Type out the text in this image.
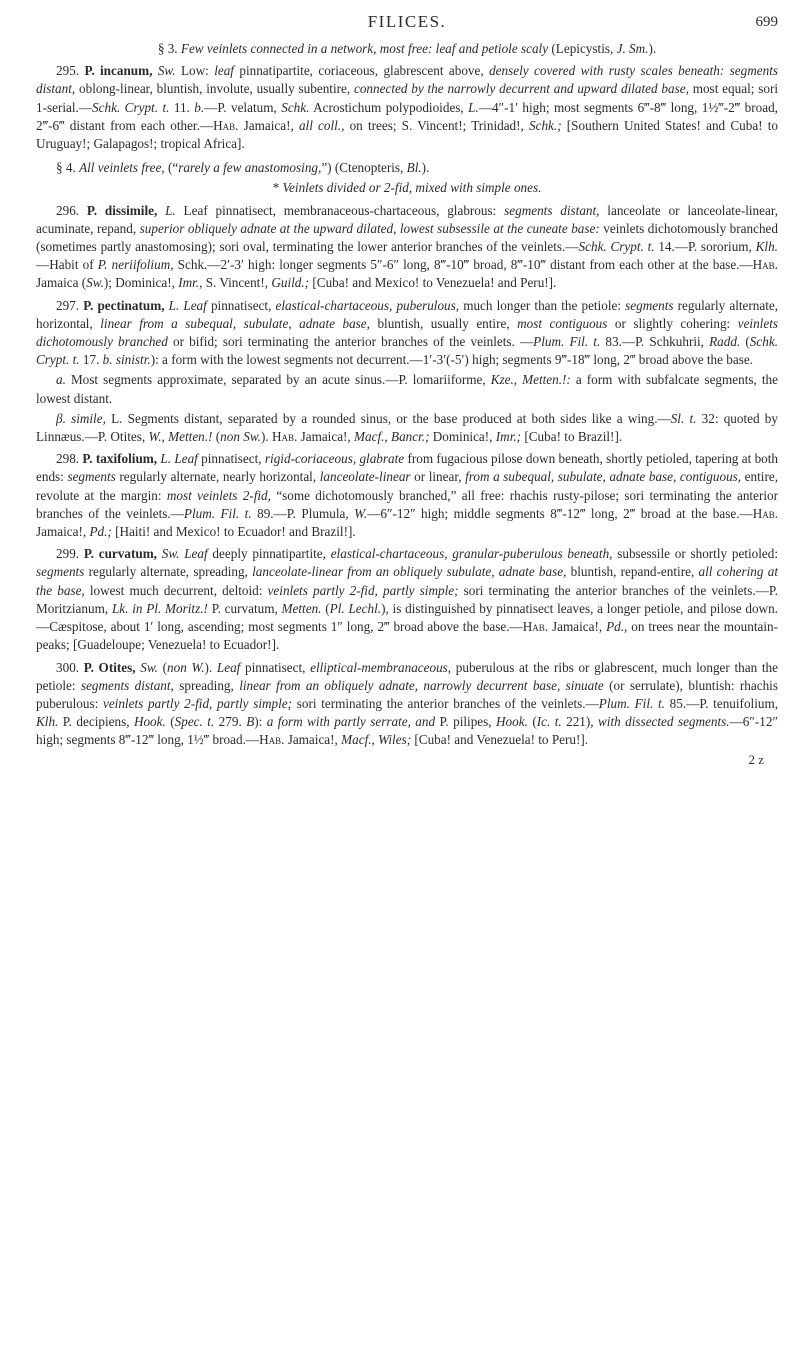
FILICES.	699

§ 3. Few veinlets connected in a network, most free: leaf and petiole scaly (Lepicystis, J. Sm.).

295. P. incanum, Sw. Low: leaf pinnatipartite, coriaceous, glabrescent above, densely covered with rusty scales beneath: segments distant, oblong-linear, bluntish, involute, usually subentire, connected by the narrowly decurrent and upward dilated base, most equal; sori 1-serial.—Schk. Crypt. t. 11. b.—P. velatum, Schk. Acrostichum polypodioides, L.—4″-1′ high; most segments 6‴-8‴ long, 1½‴-2‴ broad, 2‴-6‴ distant from each other.—Hab. Jamaica!, all coll., on trees; S. Vincent!; Trinidad!, Schk.; [Southern United States! and Cuba! to Uruguay!; Galapagos!; tropical Africa].

§ 4. All veinlets free, (“rarely a few anastomosing,”) (Ctenopteris, Bl.).

* Veinlets divided or 2-fid, mixed with simple ones.

296. P. dissimile, L. Leaf pinnatisect, membranaceous-chartaceous, glabrous: segments distant, lanceolate or lanceolate-linear, acuminate, repand, superior obliquely adnate at the upward dilated, lowest subsessile at the cuneate base: veinlets dichotomously branched (sometimes partly anastomosing); sori oval, terminating the lower anterior branches of the veinlets.—Schk. Crypt. t. 14.—P. sororium, Klh.—Habit of P. neriifolium, Schk.—2′-3′ high: longer segments 5″-6″ long, 8‴-10‴ broad, 8‴-10‴ distant from each other at the base.—Hab. Jamaica (Sw.); Dominica!, Imr., S. Vincent!, Guild.; [Cuba! and Mexico! to Venezuela! and Peru!].

297. P. pectinatum, L. Leaf pinnatisect, elastical-chartaceous, puberulous, much longer than the petiole: segments regularly alternate, horizontal, linear from a subequal, subulate, adnate base, bluntish, usually entire, most contiguous or slightly cohering: veinlets dichotomously branched or bifid; sori terminating the anterior branches of the veinlets. —Plum. Fil. t. 83.—P. Schkuhrii, Radd. (Schk. Crypt. t. 17. b. sinistr.): a form with the lowest segments not decurrent.—1′-3′(-5′) high; segments 9‴-18‴ long, 2‴ broad above the base.

a. Most segments approximate, separated by an acute sinus.—P. lomariiforme, Kze., Metten.!: a form with subfalcate segments, the lowest distant.

β. simile, L. Segments distant, separated by a rounded sinus, or the base produced at both sides like a wing.—Sl. t. 32: quoted by Linnæus.—P. Otites, W., Metten.! (non Sw.). Hab. Jamaica!, Macf., Bancr.; Dominica!, Imr.; [Cuba! to Brazil!].

298. P. taxifolium, L. Leaf pinnatisect, rigid-coriaceous, glabrate from fugacious pilose down beneath, shortly petioled, tapering at both ends: segments regularly alternate, nearly horizontal, lanceolate-linear or linear, from a subequal, subulate, adnate base, contiguous, entire, revolute at the margin: most veinlets 2-fid, “some dichotomously branched,” all free: rhachis rusty-pilose; sori terminating the anterior branches of the veinlets.—Plum. Fil. t. 89.—P. Plumula, W.—6″-12″ high; middle segments 8‴-12‴ long, 2‴ broad at the base.—Hab. Jamaica!, Pd.; [Haiti! and Mexico! to Ecuador! and Brazil!].

299. P. curvatum, Sw. Leaf deeply pinnatipartite, elastical-chartaceous, granular-puberulous beneath, subsessile or shortly petioled: segments regularly alternate, spreading, lanceolate-linear from an obliquely subulate, adnate base, bluntish, repand-entire, all cohering at the base, lowest much decurrent, deltoid: veinlets partly 2-fid, partly simple; sori terminating the anterior branches of the veinlets.—P. Moritzianum, Lk. in Pl. Moritz.! P. curvatum, Metten. (Pl. Lechl.), is distinguished by pinnatisect leaves, a longer petiole, and pilose down.—Cæspitose, about 1′ long, ascending; most segments 1″ long, 2‴ broad above the base.—Hab. Jamaica!, Pd., on trees near the mountain-peaks; [Guadeloupe; Venezuela! to Ecuador!].

300. P. Otites, Sw. (non W.). Leaf pinnatisect, elliptical-membranaceous, puberulous at the ribs or glabrescent, much longer than the petiole: segments distant, spreading, linear from an obliquely adnate, narrowly decurrent base, sinuate (or serrulate), bluntish: rhachis puberulous: veinlets partly 2-fid, partly simple; sori terminating the anterior branches of the veinlets.—Plum. Fil. t. 85.—P. tenuifolium, Klh. P. decipiens, Hook. (Spec. t. 279. B): a form with partly serrate, and P. pilipes, Hook. (Ic. t. 221), with dissected segments.—6″-12″ high; segments 8‴-12‴ long, 1½‴ broad.—Hab. Jamaica!, Macf., Wiles; [Cuba! and Venezuela! to Peru!].

2 z
